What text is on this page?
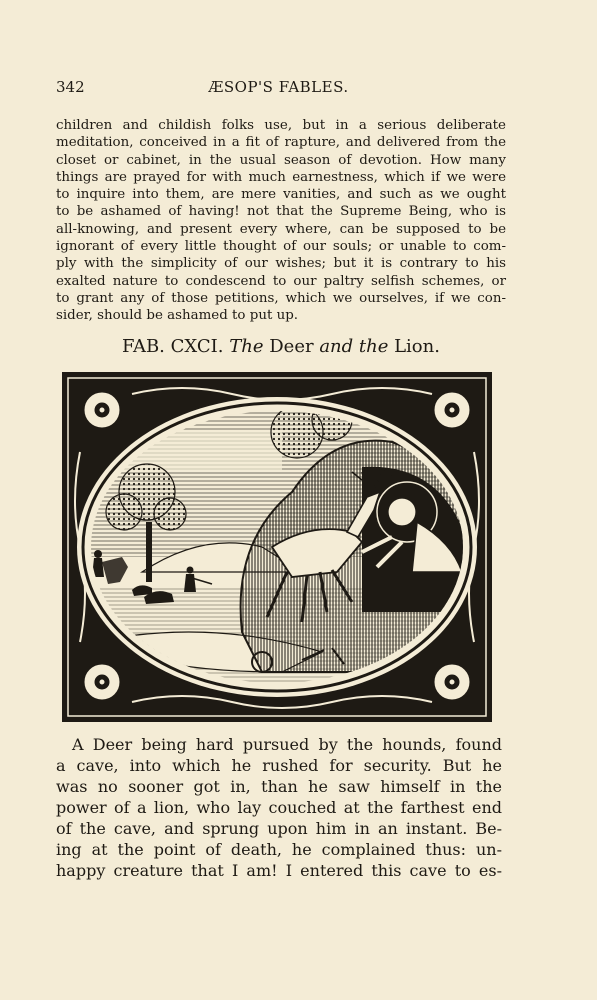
342	ÆSOP'S FABLES.
children and childish folks use, but in a serious deliberate
meditation, conceived in a fit of rapture, and delivered from the
closet or cabinet, in the usual season of devotion. How many
things are prayed for with much earnestness, which if we were
to inquire into them, are mere vanities, and such as we ought
to be ashamed of having! not that the Supreme Being, who is
all-knowing, and present every where, can be supposed to be
ignorant of every little thought of our souls; or unable to com-
ply with the simplicity of our wishes; but it is contrary to his
exalted nature to condescend to our paltry selfish schemes, or
to grant any of those petitions, which we ourselves, if we con-
sider, should be ashamed to put up.
FAB. CXCI. The Deer and the Lion.
A Deer being hard pursued by the hounds, found
a cave, into which he rushed for security. But he
was no sooner got in, than he saw himself in the
power of a lion, who lay couched at the farthest end
of the cave, and sprung upon him in an instant. Be-
ing at the point of death, he complained thus: un-
happy creature that I am! I entered this cave to es-
